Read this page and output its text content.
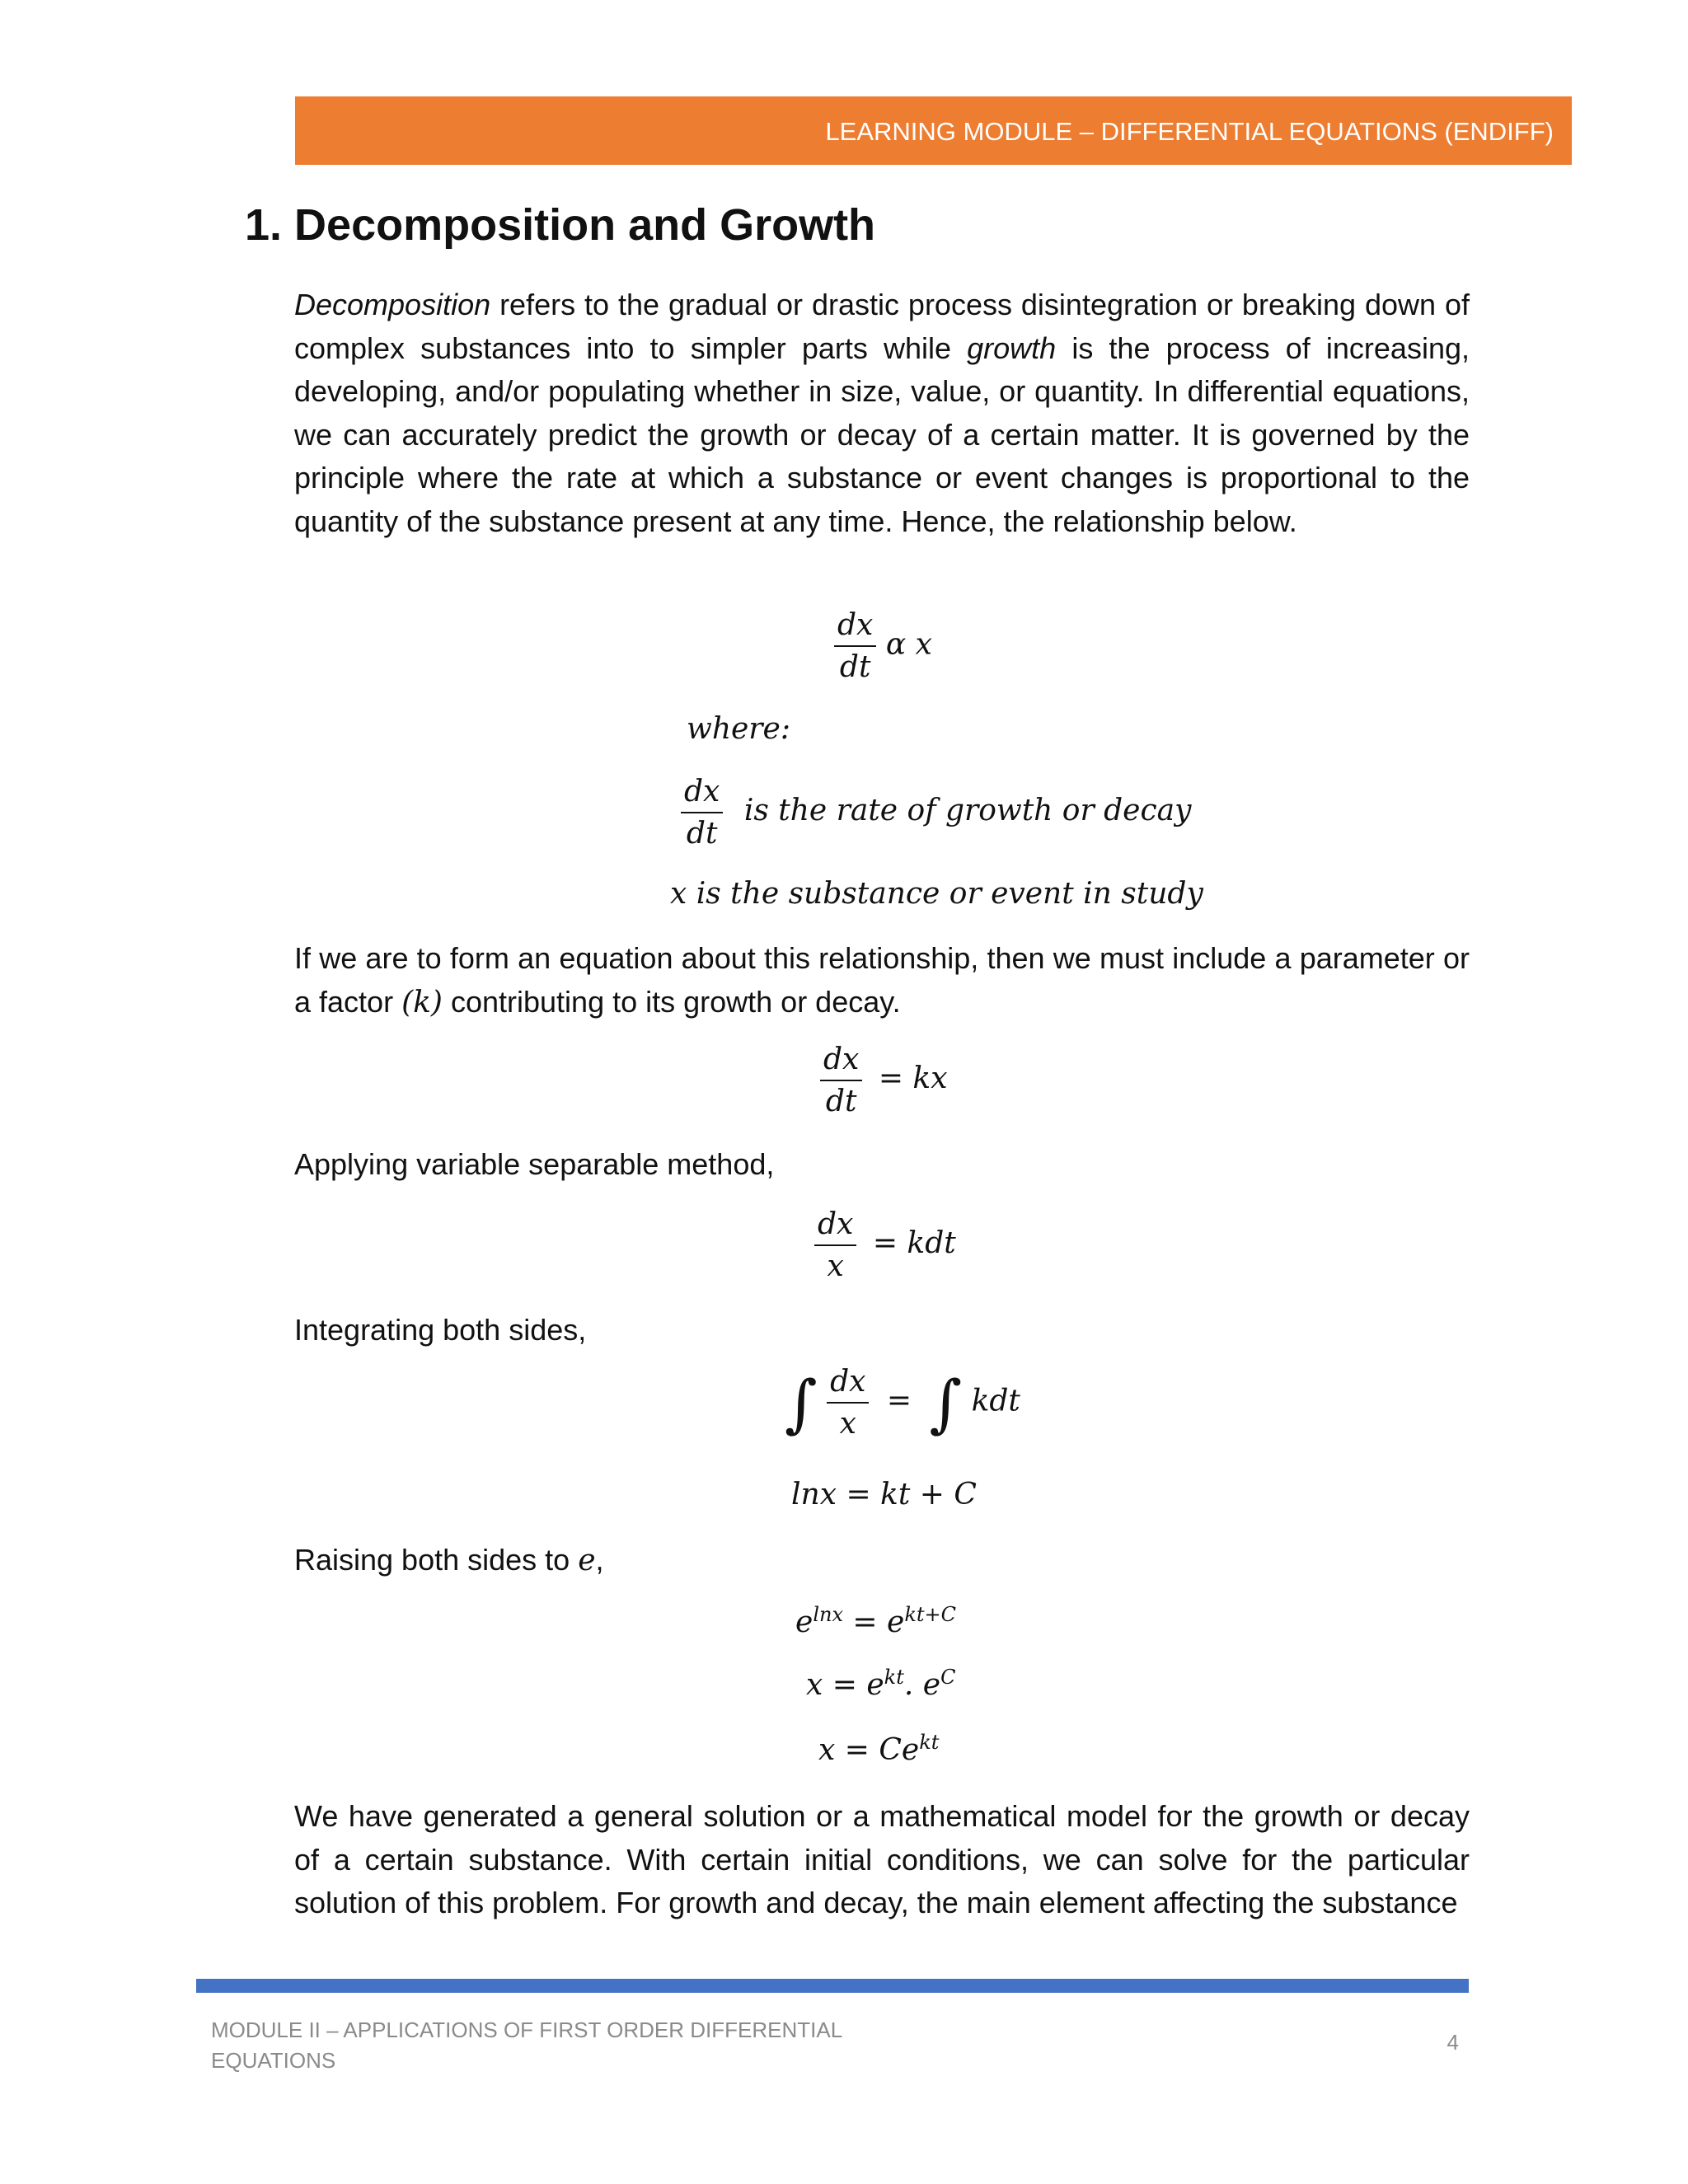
LEARNING MODULE – DIFFERENTIAL EQUATIONS (ENDIFF)
1. Decomposition and Growth

Decomposition refers to the gradual or drastic process disintegration or breaking down of complex substances into to simpler parts while growth is the process of increasing, developing, and/or populating whether in size, value, or quantity. In differential equations, we can accurately predict the growth or decay of a certain matter. It is governed by the principle where the rate at which a substance or event changes is proportional to the quantity of the substance present at any time. Hence, the relationship below.

$\frac{dx}{dt}$ α x
where:
$\frac{dx}{dt}$ is the rate of growth or decay
x is the substance or event in study

If we are to form an equation about this relationship, then we must include a parameter or a factor (k) contributing to its growth or decay.

$\frac{dx}{dt}$ = kx

Applying variable separable method,

$\frac{dx}{x}$ = kdt

Integrating both sides,

∫ $\frac{dx}{x}$ = ∫ kdt
lnx = kt + C

Raising both sides to e,

$e^{lnx} = e^{kt+C}$
$x = e^{kt}$. $e^C$
$x = Ce^{kt}$

We have generated a general solution or a mathematical model for the growth or decay of a certain substance. With certain initial conditions, we can solve for the particular solution of this problem. For growth and decay, the main element affecting the substance

MODULE II – APPLICATIONS OF FIRST ORDER DIFFERENTIAL
EQUATIONS
4
